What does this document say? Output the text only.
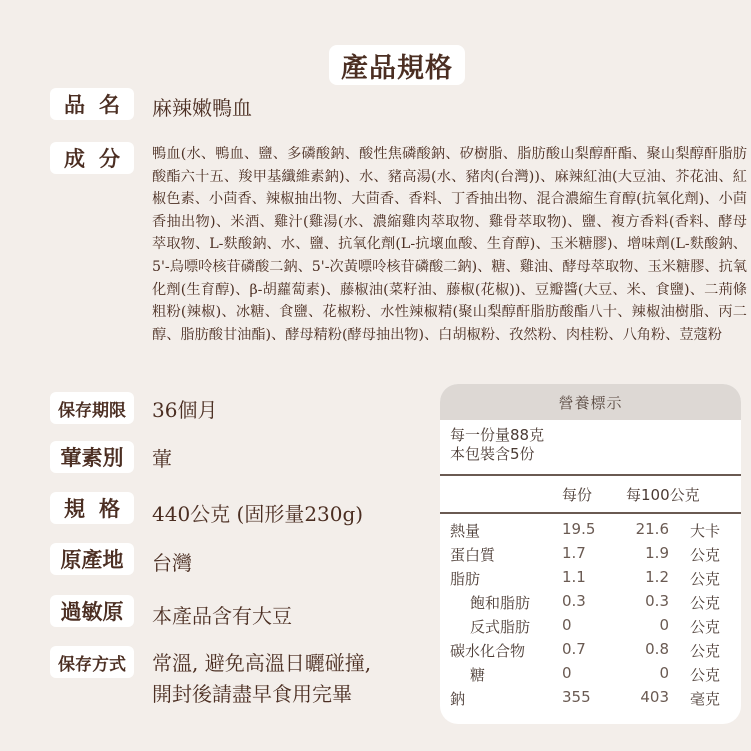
產品規格
品名 麻辣嫩鴨血
成分 鴨血(水、鴨血、鹽、多磷酸鈉、酸性焦磷酸鈉、矽樹脂、脂肪酸山梨醇酐酯、聚山梨醇酐脂肪酸酯六十五、羧甲基纖維素鈉)、水、豬高湯(水、豬肉(台灣))、麻辣紅油(大豆油、芥花油、紅椒色素、小茴香、辣椒抽出物、大茴香、香料、丁香抽出物、混合濃縮生育醇(抗氧化劑)、小茴香抽出物)、米酒、雞汁(雞湯(水、濃縮雞肉萃取物、雞骨萃取物)、鹽、複方香料(香料、酵母萃取物、L-麩酸鈉、水、鹽、抗氧化劑(L-抗壞血酸、生育醇)、玉米糖膠)、增味劑(L-麩酸鈉、5'-烏嘌呤核苷磷酸二鈉、5'-次黃嘌呤核苷磷酸二鈉)、糖、雞油、酵母萃取物、玉米糖膠、抗氧化劑(生育醇)、β-胡蘿蔔素)、藤椒油(菜籽油、藤椒(花椒))、豆瓣醬(大豆、米、食鹽)、二荊條粗粉(辣椒)、冰糖、食鹽、花椒粉、水性辣椒精(聚山梨醇酐脂肪酸酯八十、辣椒油樹脂、丙二醇、脂肪酸甘油酯)、酵母精粉(酵母抽出物)、白胡椒粉、孜然粉、肉桂粉、八角粉、荳蔻粉
保存期限	36個月
葷素別	葷
規格 440公克 (固形量230g)
原產地	台灣
過敏原	本產品含有大豆
保存方式	常溫, 避免高溫日曬碰撞,
開封後請盡早食用完畢
營養標示
每一份量88克
本包裝含5份
每份 每100公克
熱量	19.5	21.6 大卡
蛋白質	1.7	1.9 公克
脂肪	1.1	1.2 公克
飽和脂肪 0.3	0.3 公克
反式脂肪 0	0 公克
碳水化合物 0.7	0.8 公克
糖	0	0 公克
鈉	355	403 毫克
